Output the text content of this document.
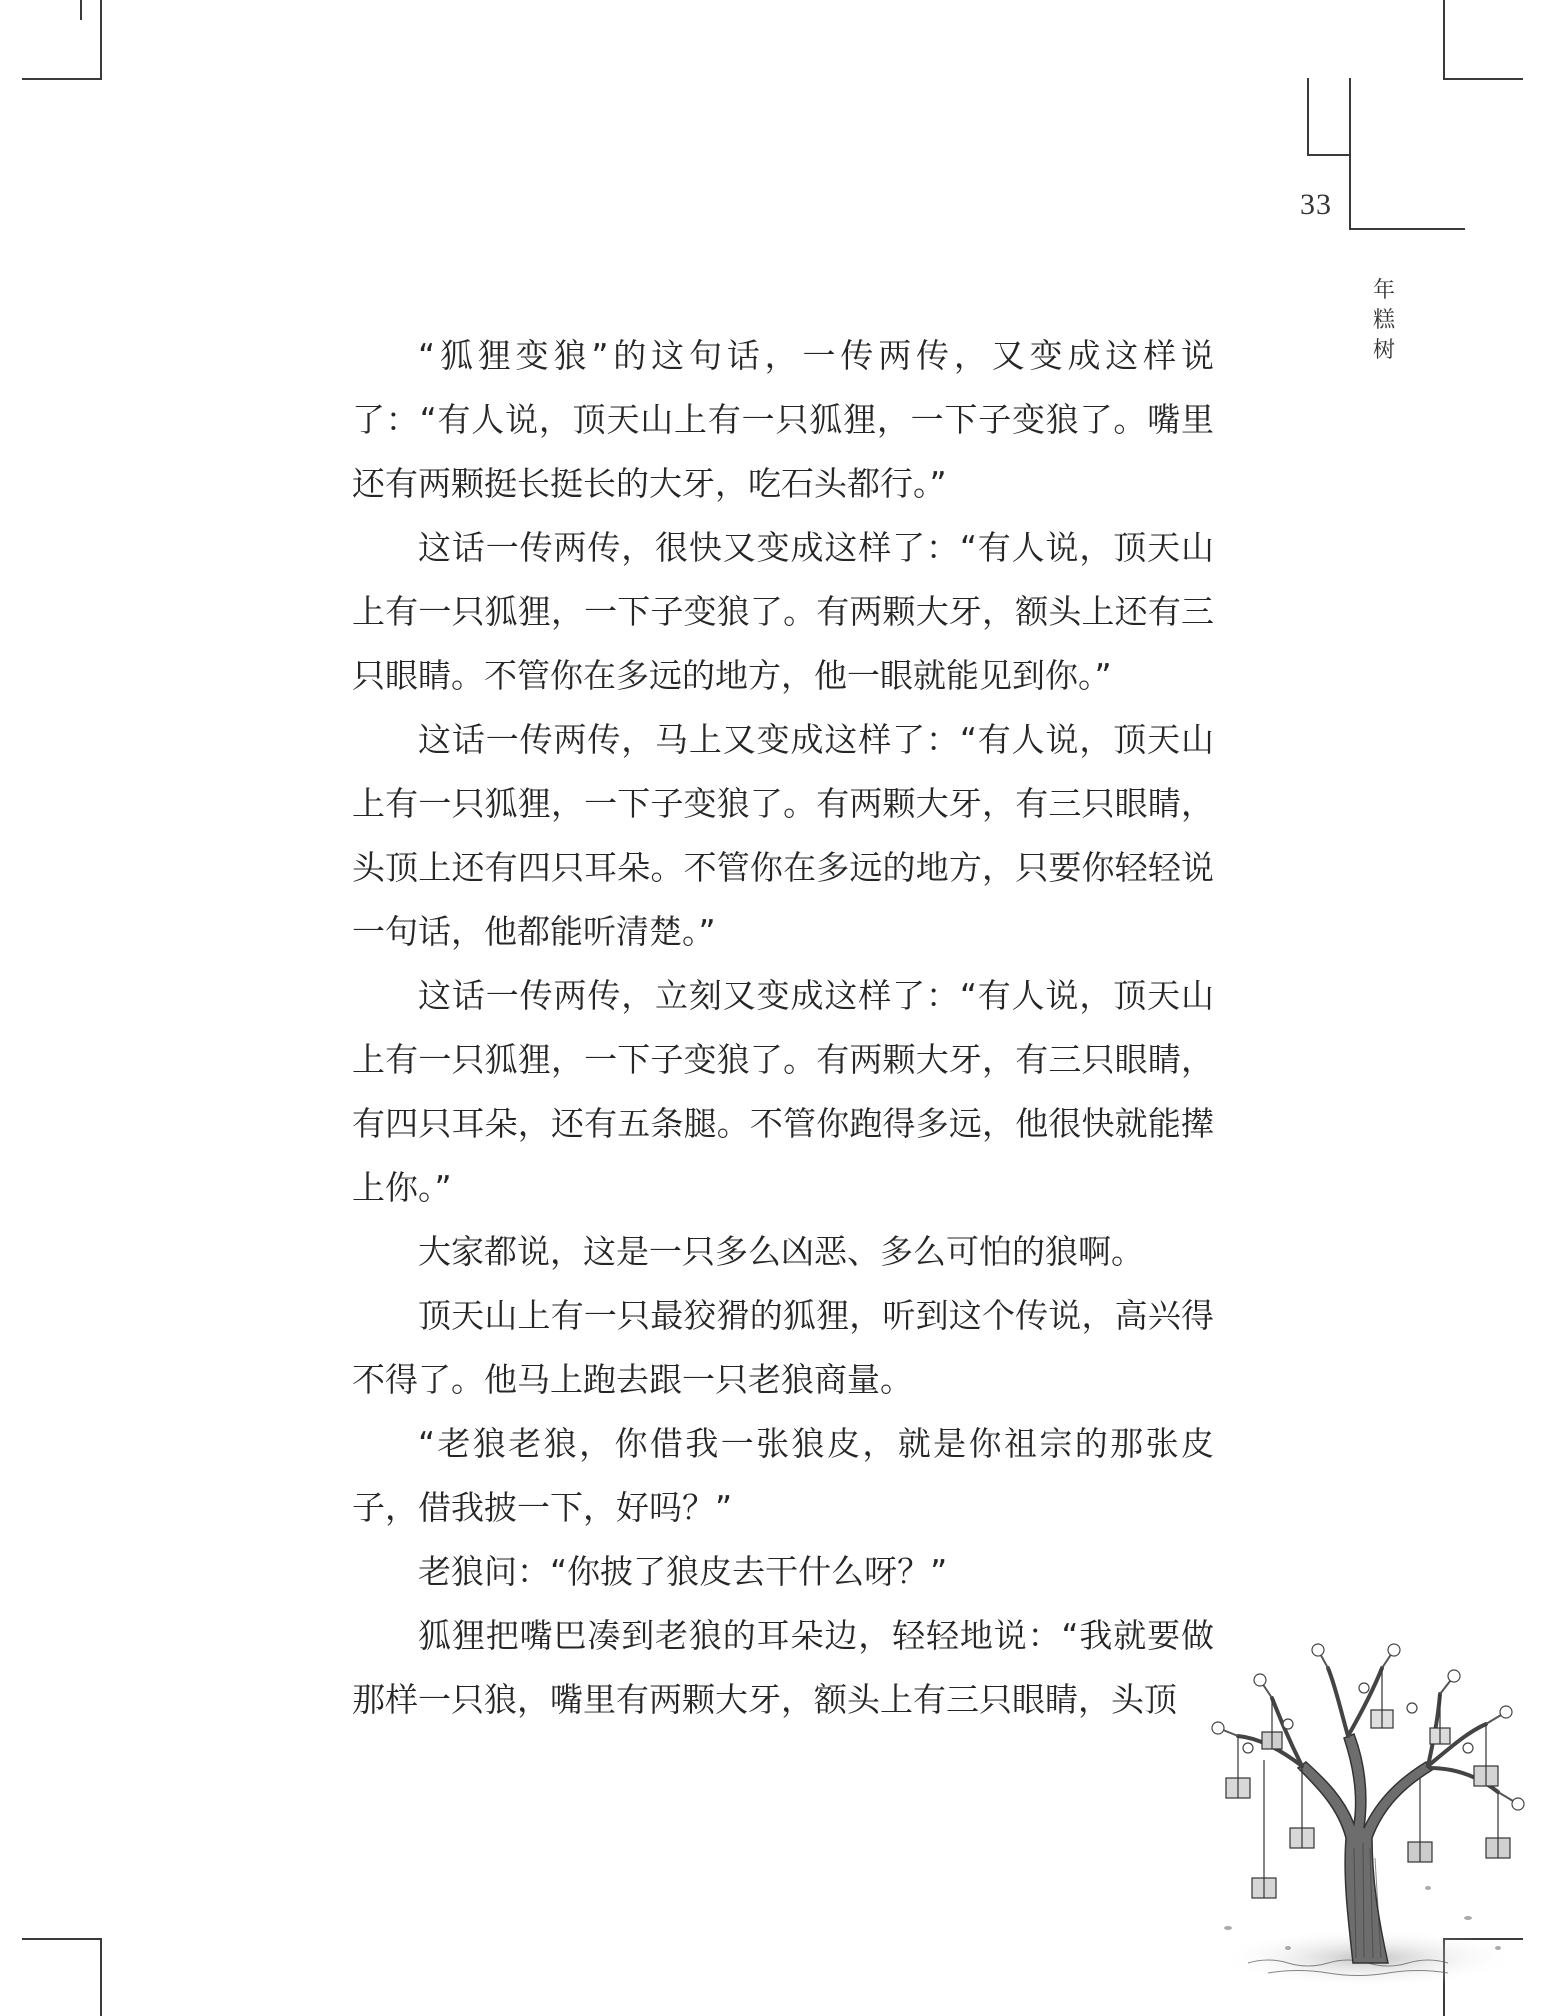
33
年
糕
树

“狐狸变狼”的这句话，一传两传，又变成这样说了：“有人说，顶天山上有一只狐狸，一下子变狼了。嘴里还有两颗挺长挺长的大牙，吃石头都行。”

这话一传两传，很快又变成这样了：“有人说，顶天山上有一只狐狸，一下子变狼了。有两颗大牙，额头上还有三只眼睛。不管你在多远的地方，他一眼就能见到你。”

这话一传两传，马上又变成这样了：“有人说，顶天山上有一只狐狸，一下子变狼了。有两颗大牙，有三只眼睛，头顶上还有四只耳朵。不管你在多远的地方，只要你轻轻说一句话，他都能听清楚。”

这话一传两传，立刻又变成这样了：“有人说，顶天山上有一只狐狸，一下子变狼了。有两颗大牙，有三只眼睛，有四只耳朵，还有五条腿。不管你跑得多远，他很快就能撵上你。”

大家都说，这是一只多么凶恶、多么可怕的狼啊。

顶天山上有一只最狡猾的狐狸，听到这个传说，高兴得不得了。他马上跑去跟一只老狼商量。

“老狼老狼，你借我一张狼皮，就是你祖宗的那张皮子，借我披一下，好吗？”

老狼问：“你披了狼皮去干什么呀？”

狐狸把嘴巴凑到老狼的耳朵边，轻轻地说：“我就要做那样一只狼，嘴里有两颗大牙，额头上有三只眼睛，头顶
